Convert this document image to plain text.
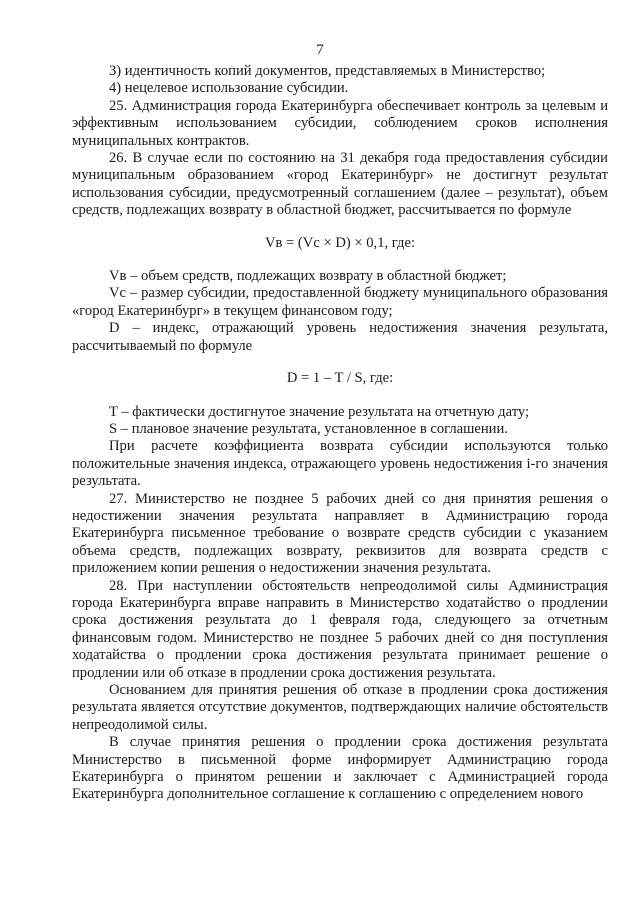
7

3) идентичность копий документов, представляемых в Министерство;

4) нецелевое использование субсидии.

25. Администрация города Екатеринбурга обеспечивает контроль за целевым и эффективным использованием субсидии, соблюдением сроков исполнения муниципальных контрактов.

26. В случае если по состоянию на 31 декабря года предоставления субсидии муниципальным образованием «город Екатеринбург» не достигнут результат использования субсидии, предусмотренный соглашением (далее – результат), объем средств, подлежащих возврату в областной бюджет, рассчитывается по формуле

Vв = (Vс × D) × 0,1, где:

Vв – объем средств, подлежащих возврату в областной бюджет;

Vс – размер субсидии, предоставленной бюджету муниципального образования «город Екатеринбург» в текущем финансовом году;

D – индекс, отражающий уровень недостижения значения результата, рассчитываемый по формуле

D = 1 – T / S, где:

T – фактически достигнутое значение результата на отчетную дату;

S – плановое значение результата, установленное в соглашении.

При расчете коэффициента возврата субсидии используются только положительные значения индекса, отражающего уровень недостижения i-го значения результата.

27. Министерство не позднее 5 рабочих дней со дня принятия решения о недостижении значения результата направляет в Администрацию города Екатеринбурга письменное требование о возврате средств субсидии с указанием объема средств, подлежащих возврату, реквизитов для возврата средств с приложением копии решения о недостижении значения результата.

28. При наступлении обстоятельств непреодолимой силы Администрация города Екатеринбурга вправе направить в Министерство ходатайство о продлении срока достижения результата до 1 февраля года, следующего за отчетным финансовым годом. Министерство не позднее 5 рабочих дней со дня поступления ходатайства о продлении срока достижения результата принимает решение о продлении или об отказе в продлении срока достижения результата.

Основанием для принятия решения об отказе в продлении срока достижения результата является отсутствие документов, подтверждающих наличие обстоятельств непреодолимой силы.

В случае принятия решения о продлении срока достижения результата Министерство в письменной форме информирует Администрацию города Екатеринбурга о принятом решении и заключает с Администрацией города Екатеринбурга дополнительное соглашение к соглашению с определением нового
